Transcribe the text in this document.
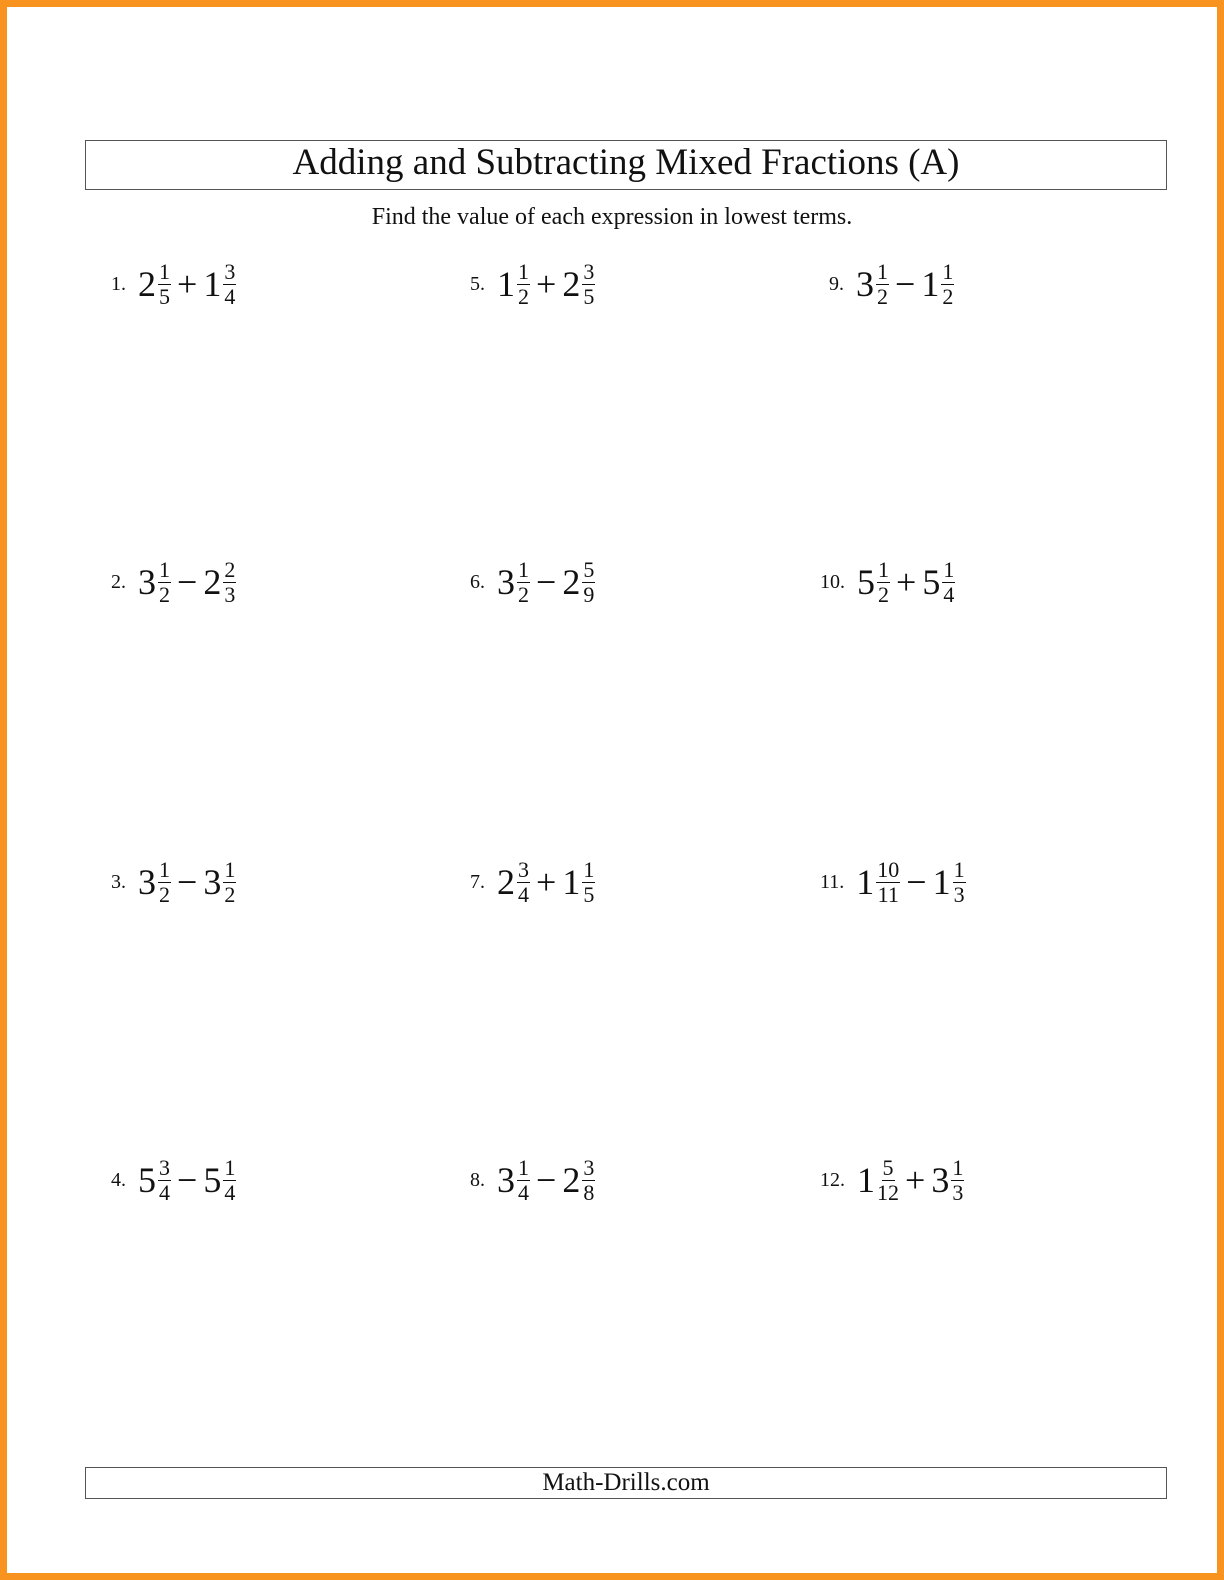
Adding and Subtracting Mixed Fractions (A)
Find the value of each expression in lowest terms.
1. $2 \frac{1}{5} + 1 \frac{3}{4}$
2. $3 \frac{1}{2} - 2 \frac{2}{3}$
3. $3 \frac{1}{2} - 3 \frac{1}{2}$
4. $5 \frac{3}{4} - 5 \frac{1}{4}$
5. $1 \frac{1}{2} + 2 \frac{3}{5}$
6. $3 \frac{1}{2} - 2 \frac{5}{9}$
7. $2 \frac{3}{4} + 1 \frac{1}{5}$
8. $3 \frac{1}{4} - 2 \frac{3}{8}$
9. $3 \frac{1}{2} - 1 \frac{1}{2}$
10. $5 \frac{1}{2} + 5 \frac{1}{4}$
11. $1 \frac{10}{11} - 1 \frac{1}{3}$
12. $1 \frac{5}{12} + 3 \frac{1}{3}$
Math-Drills.com
